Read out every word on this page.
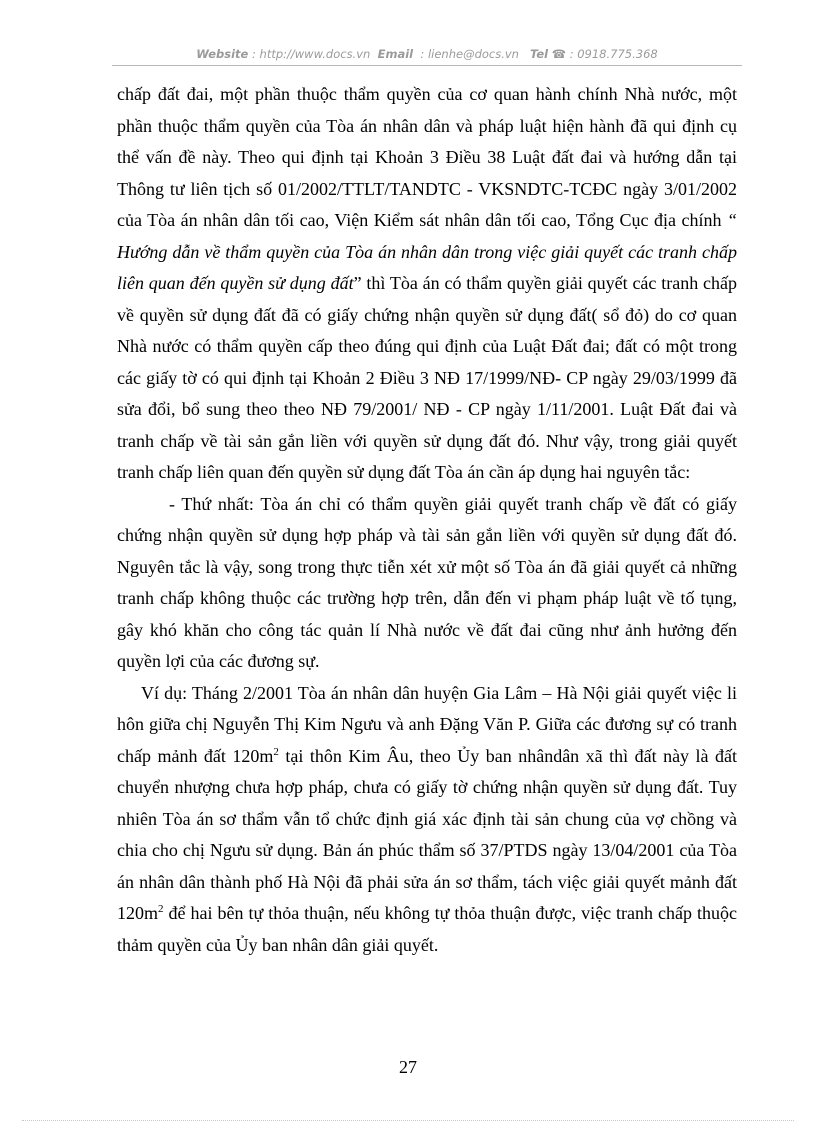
Website : http://www.docs.vn Email : lienhe@docs.vn Tel ☎ : 0918.775.368

chấp đất đai, một phần thuộc thẩm quyền của cơ quan hành chính Nhà nước, một phần thuộc thẩm quyền của Tòa án nhân dân và pháp luật hiện hành đã qui định cụ thể vấn đề này. Theo qui định tại Khoản 3 Điều 38 Luật đất đai và hướng dẫn tại Thông tư liên tịch số 01/2002/TTLT/TANDTC - VKSNDTC-TCĐC ngày 3/01/2002 của Tòa án nhân dân tối cao, Viện Kiểm sát nhân dân tối cao, Tổng Cục địa chính “ Hướng dẫn về thẩm quyền của Tòa án nhân dân trong việc giải quyết các tranh chấp liên quan đến quyền sử dụng đất” thì Tòa án có thẩm quyền giải quyết các tranh chấp về quyền sử dụng đất đã có giấy chứng nhận quyền sử dụng đất( sổ đỏ) do cơ quan Nhà nước có thẩm quyền cấp theo đúng qui định của Luật Đất đai; đất có một trong các giấy tờ có qui định tại Khoản 2 Điều 3 NĐ 17/1999/NĐ- CP ngày 29/03/1999 đã sửa đổi, bổ sung theo theo NĐ 79/2001/ NĐ - CP ngày 1/11/2001. Luật Đất đai và tranh chấp về tài sản gắn liền với quyền sử dụng đất đó. Như vậy, trong giải quyết tranh chấp liên quan đến quyền sử dụng đất Tòa án cần áp dụng hai nguyên tắc:

- Thứ nhất: Tòa án chỉ có thẩm quyền giải quyết tranh chấp về đất có giấy chứng nhận quyền sử dụng hợp pháp và tài sản gắn liền với quyền sử dụng đất đó. Nguyên tắc là vậy, song trong thực tiễn xét xử một số Tòa án đã giải quyết cả những tranh chấp không thuộc các trường hợp trên, dẫn đến vi phạm pháp luật về tố tụng, gây khó khăn cho công tác quản lí Nhà nước về đất đai cũng như ảnh hưởng đến quyền lợi của các đương sự.

Ví dụ: Tháng 2/2001 Tòa án nhân dân huyện Gia Lâm – Hà Nội giải quyết việc li hôn giữa chị Nguyễn Thị Kim Ngưu và anh Đặng Văn P. Giữa các đương sự có tranh chấp mảnh đất $120m^2$ tại thôn Kim Âu, theo Ủy ban nhândân xã thì đất này là đất chuyển nhượng chưa hợp pháp, chưa có giấy tờ chứng nhận quyền sử dụng đất. Tuy nhiên Tòa án sơ thẩm vẫn tổ chức định giá xác định tài sản chung của vợ chồng và chia cho chị Ngưu sử dụng. Bản án phúc thẩm số 37/PTDS ngày 13/04/2001 của Tòa án nhân dân thành phố Hà Nội đã phải sửa án sơ thẩm, tách việc giải quyết mảnh đất $120m^2$ để hai bên tự thỏa thuận, nếu không tự thỏa thuận được, việc tranh chấp thuộc thảm quyền của Ủy ban nhân dân giải quyết.

27
